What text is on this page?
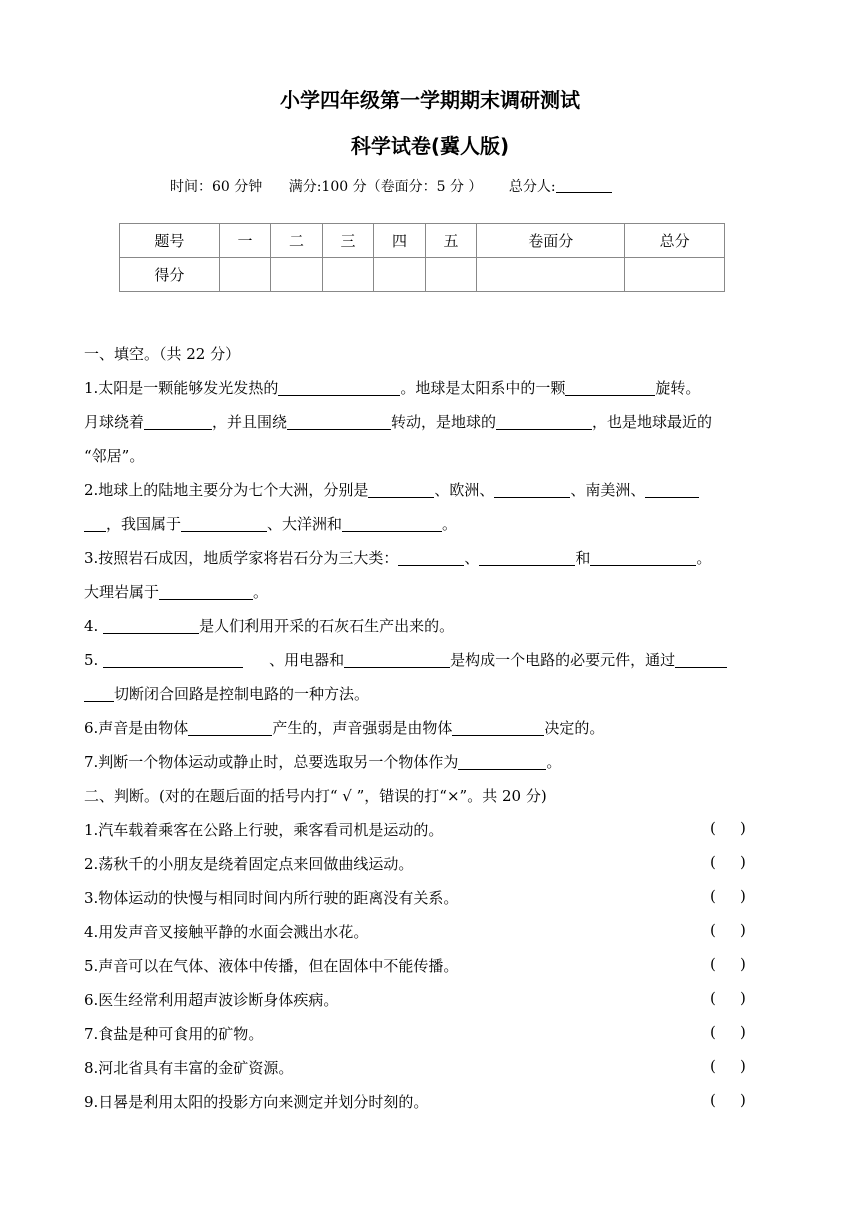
小学四年级第一学期期末调研测试
科学试卷(冀人版)
时间：60 分钟 满分:100 分（卷面分：5 分 ） 总分人:
题号	一	二	三	四	五	卷面分	总分
得分							
一、填空。（共 22 分）
1.太阳是一颗能够发光发热的	。地球是太阳系中的一颗	旋转。
月球绕着	，并且围绕	转动，是地球的	，也是地球最近的
“邻居”。
2.地球上的陆地主要分为七个大洲，分别是	、欧洲、	、南美洲、
，我国属于	、大洋洲和	。
3.按照岩石成因，地质学家将岩石分为三大类：	、	和	。
大理岩属于	。
4.	是人们利用开采的石灰石生产出来的。
5.	、用电器和	是构成一个电路的必要元件，通过
切断闭合回路是控制电路的一种方法。
6.声音是由物体	产生的，声音强弱是由物体	决定的。
7.判断一个物体运动或静止时，总要选取另一个物体作为	。
二、判断。(对的在题后面的括号内打“ √ ”，错误的打“×”。共 20 分)
1.汽车载着乘客在公路上行驶，乘客看司机是运动的。	( )
2.荡秋千的小朋友是绕着固定点来回做曲线运动。	( )
3.物体运动的快慢与相同时间内所行驶的距离没有关系。	( )
4.用发声音叉接触平静的水面会溅出水花。	( )
5.声音可以在气体、液体中传播，但在固体中不能传播。	( )
6.医生经常利用超声波诊断身体疾病。	( )
7.食盐是种可食用的矿物。	( )
8.河北省具有丰富的金矿资源。	( )
9.日晷是利用太阳的投影方向来测定并划分时刻的。	( )
